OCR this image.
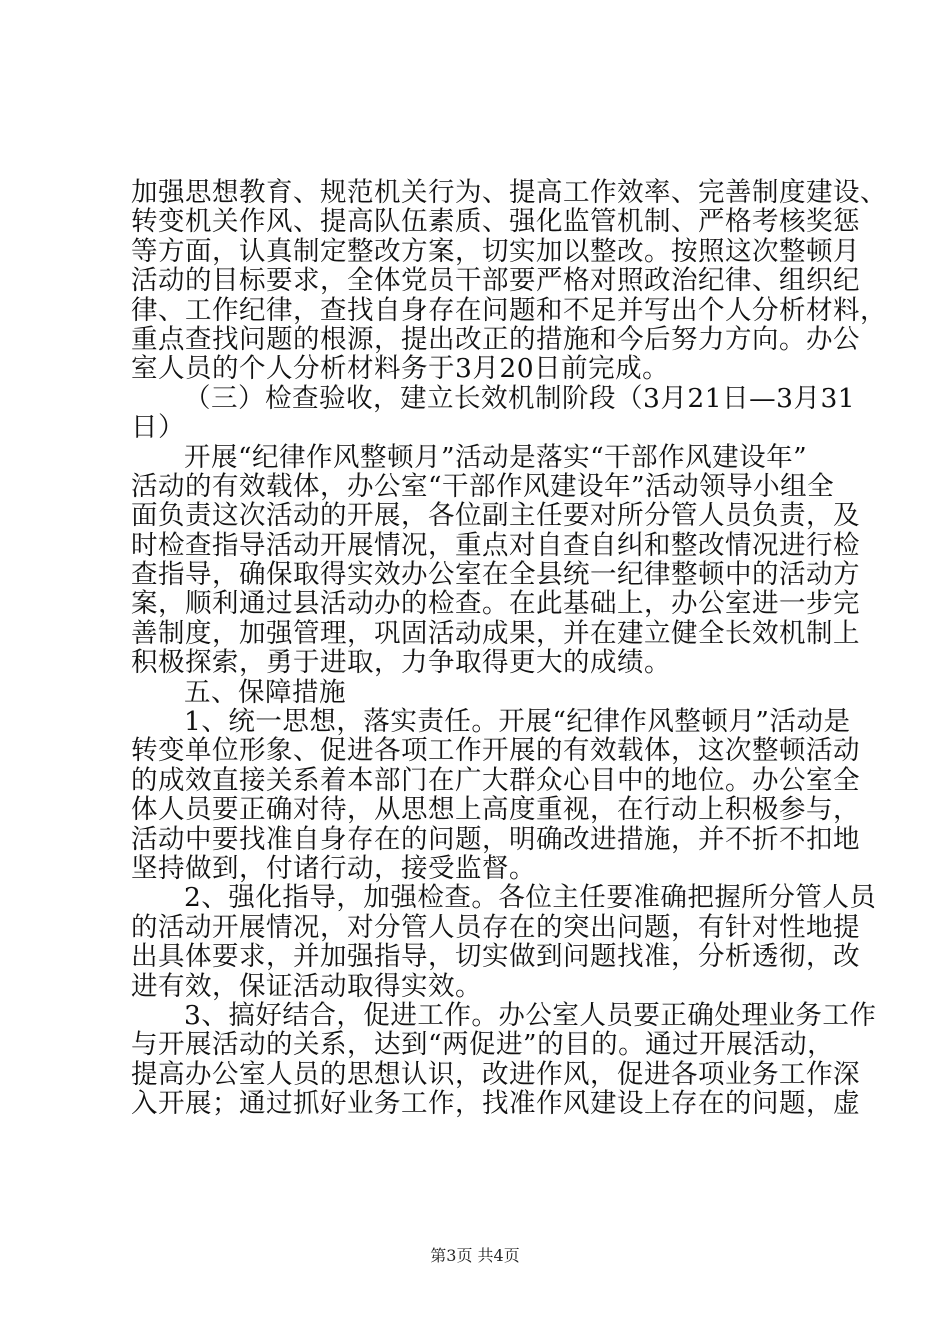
加强思想教育、规范机关行为、提高工作效率、完善制度建设、
转变机关作风、提高队伍素质、强化监管机制、严格考核奖惩
等方面，认真制定整改方案，切实加以整改。按照这次整顿月
活动的目标要求，全体党员干部要严格对照政治纪律、组织纪
律、工作纪律，查找自身存在问题和不足并写出个人分析材料，
重点查找问题的根源，提出改正的措施和今后努力方向。办公
室人员的个人分析材料务于3月20日前完成。
（三）检查验收，建立长效机制阶段（3月21日—3月31
日）
开展“纪律作风整顿月”活动是落实“干部作风建设年”
活动的有效载体，办公室“干部作风建设年”活动领导小组全
面负责这次活动的开展，各位副主任要对所分管人员负责，及
时检查指导活动开展情况，重点对自查自纠和整改情况进行检
查指导，确保取得实效办公室在全县统一纪律整顿中的活动方
案，顺利通过县活动办的检查。在此基础上，办公室进一步完
善制度，加强管理，巩固活动成果，并在建立健全长效机制上
积极探索，勇于进取，力争取得更大的成绩。
五、保障措施
1、统一思想，落实责任。开展“纪律作风整顿月”活动是
转变单位形象、促进各项工作开展的有效载体，这次整顿活动
的成效直接关系着本部门在广大群众心目中的地位。办公室全
体人员要正确对待，从思想上高度重视，在行动上积极参与，
活动中要找准自身存在的问题，明确改进措施，并不折不扣地
坚持做到，付诸行动，接受监督。
2、强化指导，加强检查。各位主任要准确把握所分管人员
的活动开展情况，对分管人员存在的突出问题，有针对性地提
出具体要求，并加强指导，切实做到问题找准，分析透彻，改
进有效，保证活动取得实效。
3、搞好结合，促进工作。办公室人员要正确处理业务工作
与开展活动的关系，达到“两促进”的目的。通过开展活动，
提高办公室人员的思想认识，改进作风，促进各项业务工作深
入开展；通过抓好业务工作，找准作风建设上存在的问题，虚
第3页 共4页
